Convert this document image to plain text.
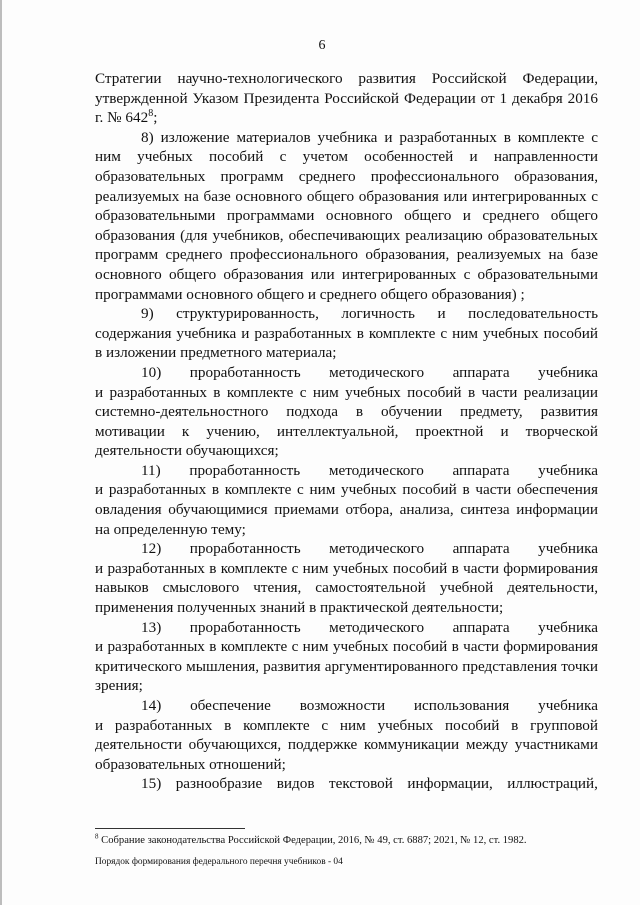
6

Стратегии научно-технологического развития Российской Федерации, утвержденной Указом Президента Российской Федерации от 1 декабря 2016 г. № $642^8$;

8) изложение материалов учебника и разработанных в комплекте с ним учебных пособий с учетом особенностей и направленности образовательных программ среднего профессионального образования, реализуемых на базе основного общего образования или интегрированных с образовательными программами основного общего и среднего общего образования (для учебников, обеспечивающих реализацию образовательных программ среднего профессионального образования, реализуемых на базе основного общего образования или интегрированных с образовательными программами основного общего и среднего общего образования) ;

9) структурированность, логичность и последовательность содержания учебника и разработанных в комплекте с ним учебных пособий в изложении предметного материала;

10) проработанность методического аппарата учебника

и разработанных в комплекте с ним учебных пособий в части реализации системно-деятельностного подхода в обучении предмету, развития мотивации к учению, интеллектуальной, проектной и творческой деятельности обучающихся;

11) проработанность методического аппарата учебника

и разработанных в комплекте с ним учебных пособий в части обеспечения овладения обучающимися приемами отбора, анализа, синтеза информации на определенную тему;

12) проработанность методического аппарата учебника

и разработанных в комплекте с ним учебных пособий в части формирования навыков смыслового чтения, самостоятельной учебной деятельности, применения полученных знаний в практической деятельности;

13) проработанность методического аппарата учебника

и разработанных в комплекте с ним учебных пособий в части формирования критического мышления, развития аргументированного представления точки зрения;

14) обеспечение возможности использования учебника

и разработанных в комплекте с ним учебных пособий в групповой деятельности обучающихся, поддержке коммуникации между участниками образовательных отношений;

15) разнообразие видов текстовой информации, иллюстраций,
$^8$ Собрание законодательства Российской Федерации, 2016, № 49, ст. 6887; 2021, № 12, ст. 1982.
Порядок формирования федерального перечня учебников - 04
